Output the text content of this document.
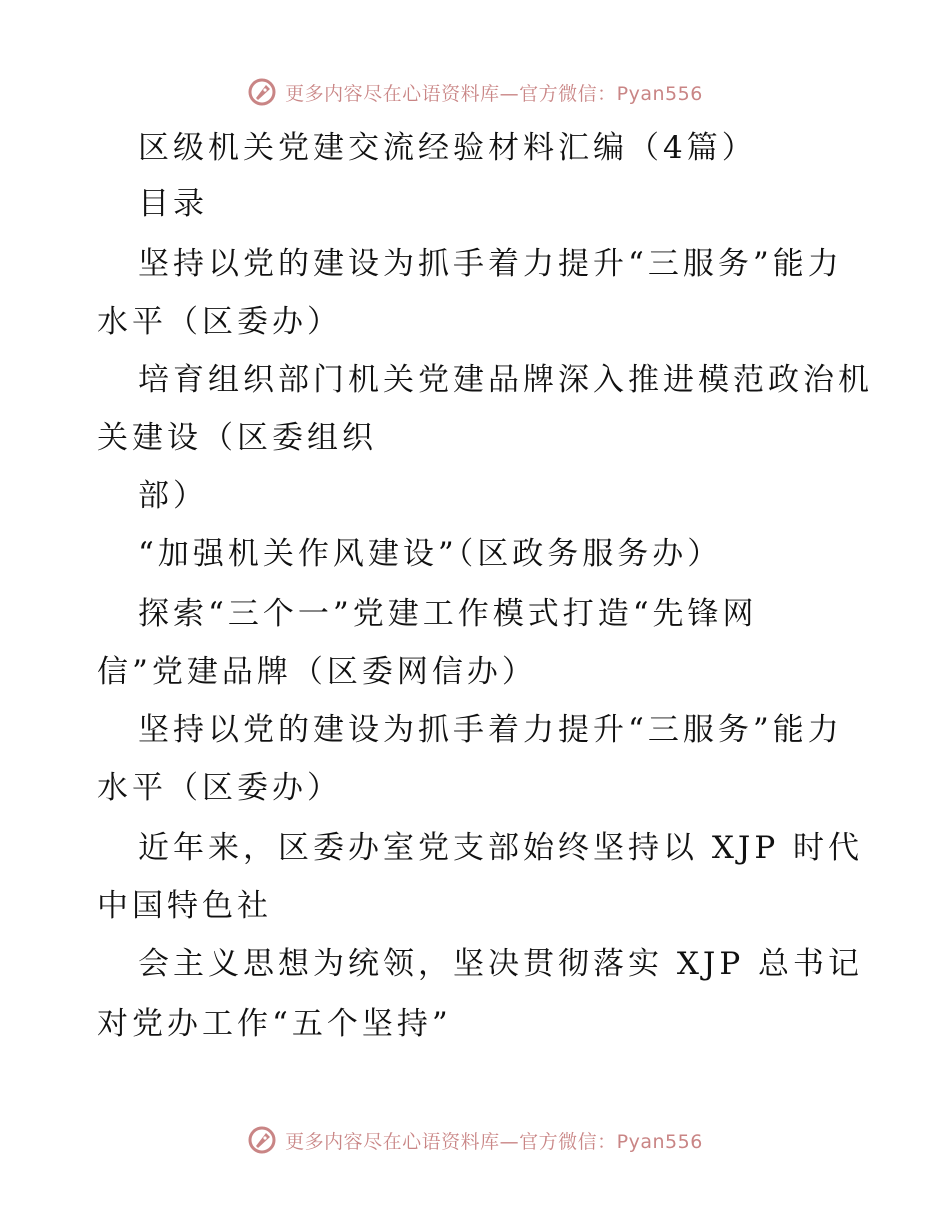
更多内容尽在心语资料库—官方微信：Pyan556
区级机关党建交流经验材料汇编（4篇）
目录
坚持以党的建设为抓手着力提升“三服务”能力
水平（区委办）
培育组织部门机关党建品牌深入推进模范政治机
关建设（区委组织
部）
“加强机关作风建设”（区政务服务办）
探索“三个一”党建工作模式打造“先锋网
信”党建品牌（区委网信办）
坚持以党的建设为抓手着力提升“三服务”能力
水平（区委办）
近年来，区委办室党支部始终坚持以 XJP 时代
中国特色社
会主义思想为统领，坚决贯彻落实 XJP 总书记
对党办工作“五个坚持”
更多内容尽在心语资料库—官方微信：Pyan556
